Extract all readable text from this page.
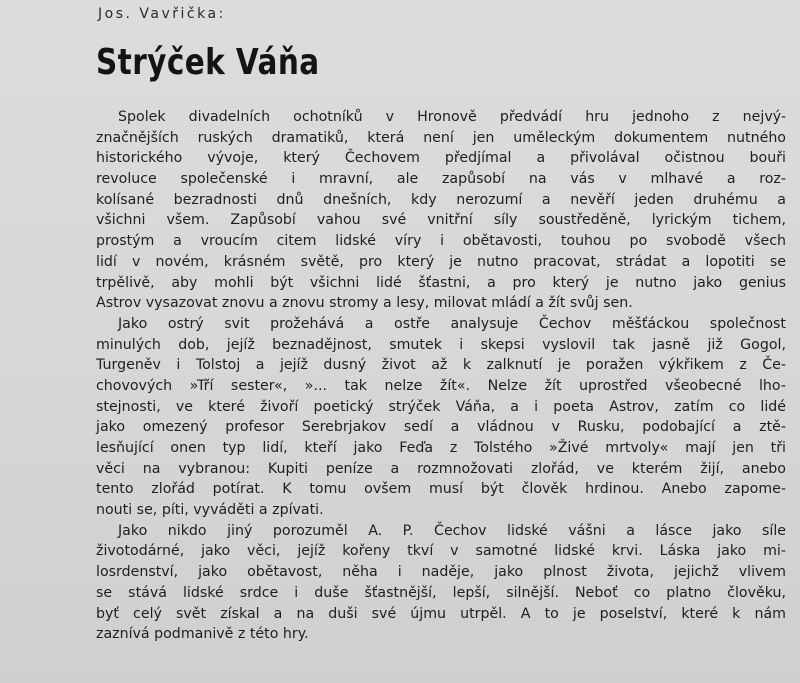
Jos. Vavřička:
Strýček Váňa
Spolek divadelních ochotníků v Hronově předvádí hru jednoho z nejvý-
značnějších ruských dramatiků, která není jen uměleckým dokumentem nutného
historického vývoje, který Čechovem předjímal a přivolával očistnou bouři
revoluce společenské i mravní, ale zapůsobí na vás v mlhavé a roz-
kolísané bezradnosti dnů dnešních, kdy nerozumí a nevěří jeden druhému a
všichni všem. Zapůsobí vahou své vnitřní síly soustředěně, lyrickým tichem,
prostým a vroucím citem lidské víry i obětavosti, touhou po svobodě všech
lidí v novém, krásném světě, pro který je nutno pracovat, strádat a lopotiti se
trpělivě, aby mohli být všichni lidé šťastni, a pro který je nutno jako genius
Astrov vysazovat znovu a znovu stromy a lesy, milovat mládí a žít svůj sen.
Jako ostrý svit prožehává a ostře analysuje Čechov měšťáckou společnost
minulých dob, jejíž beznadějnost, smutek i skepsi vyslovil tak jasně již Gogol,
Turgeněv i Tolstoj a jejíž dusný život až k zalknutí je poražen výkřikem z Če-
chovových »Tří sester«, »... tak nelze žít«. Nelze žít uprostřed všeobecné lho-
stejnosti, ve které živoří poetický strýček Váňa, a i poeta Astrov, zatím co lidé
jako omezený profesor Serebrjakov sedí a vládnou v Rusku, podobající a ztě-
lesňující onen typ lidí, kteří jako Feďa z Tolstého »Živé mrtvoly« mají jen tři
věci na vybranou: Kupiti peníze a rozmnožovati zlořád, ve kterém žijí, anebo
tento zlořád potírat. K tomu ovšem musí být člověk hrdinou. Anebo zapome-
nouti se, píti, vyváděti a zpívati.
Jako nikdo jiný porozuměl A. P. Čechov lidské vášni a lásce jako síle
životodárné, jako věci, jejíž kořeny tkví v samotné lidské krvi. Láska jako mi-
losrdenství, jako obětavost, něha i naděje, jako plnost života, jejichž vlivem
se stává lidské srdce i duše šťastnější, lepší, silnější. Neboť co platno člověku,
byť celý svět získal a na duši své újmu utrpěl. A to je poselství, které k nám
zaznívá podmanivě z této hry.
